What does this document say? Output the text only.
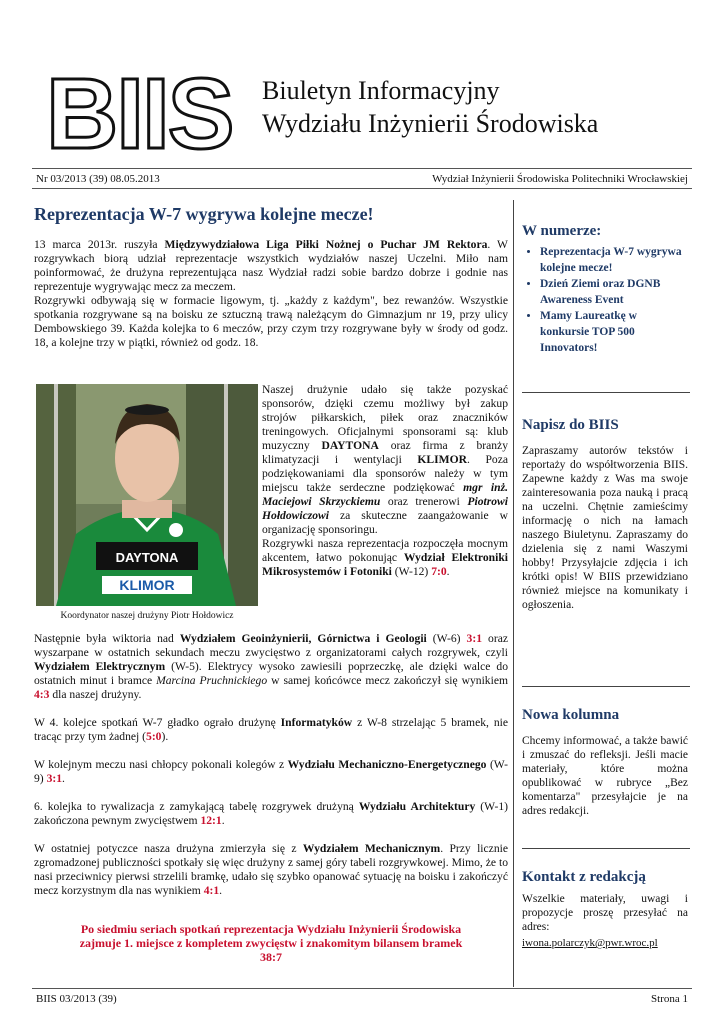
BIIS Biuletyn Informacyjny
Wydziału Inżynierii Środowiska
Nr 03/2013 (39) 08.05.2013	Wydział Inżynierii Środowiska Politechniki Wrocławskiej
Reprezentacja W-7 wygrywa kolejne mecze!

13 marca 2013r. ruszyła Międzywydziałowa Liga Piłki Nożnej o Puchar JM Rektora. W rozgrywkach biorą udział reprezentacje wszystkich wydziałów naszej Uczelni. Miło nam poinformować, że drużyna reprezentująca nasz Wydział radzi sobie bardzo dobrze i godnie nas reprezentuje wygrywając mecz za meczem.

Rozgrywki odbywają się w formacie ligowym, tj. „każdy z każdym", bez rewanżów. Wszystkie spotkania rozgrywane są na boisku ze sztuczną trawą należącym do Gimnazjum nr 19, przy ulicy Dembowskiego 39. Każda kolejka to 6 meczów, przy czym trzy rozgrywane były w środy od godz. 18, a kolejne trzy w piątki, również od godz. 18.

DAYTONA
KLIMOR
Koordynator naszej drużyny Piotr Hołdowicz

Naszej drużynie udało się także pozyskać sponsorów, dzięki czemu możliwy był zakup strojów piłkarskich, piłek oraz znaczników treningowych. Oficjalnymi sponsorami są: klub muzyczny DAYTONA oraz firma z branży klimatyzacji i wentylacji KLIMOR. Poza podziękowaniami dla sponsorów należy w tym miejscu także serdeczne podziękować mgr inż. Maciejowi Skrzyckiemu oraz trenerowi Piotrowi Hołdowiczowi za skuteczne zaangażowanie w organizację sponsoringu.

Rozgrywki nasza reprezentacja rozpoczęła mocnym akcentem, łatwo pokonując Wydział Elektroniki Mikrosystemów i Fotoniki (W-12) 7:0.

Następnie była wiktoria nad Wydziałem Geoinżynierii, Górnictwa i Geologii (W-6) 3:1 oraz wyszarpane w ostatnich sekundach meczu zwycięstwo z organizatorami całych rozgrywek, czyli Wydziałem Elektrycznym (W-5). Elektrycy wysoko zawiesili poprzeczkę, ale dzięki walce do ostatnich minut i bramce Marcina Pruchnickiego w samej końcówce mecz zakończył się wynikiem 4:3 dla naszej drużyny.

W 4. kolejce spotkań W-7 gładko ograło drużynę Informatyków z W-8 strzelając 5 bramek, nie tracąc przy tym żadnej (5:0).

W kolejnym meczu nasi chłopcy pokonali kolegów z Wydziału Mechaniczno-Energetycznego (W-9) 3:1.

6. kolejka to rywalizacja z zamykającą tabelę rozgrywek drużyną Wydziału Architektury (W-1) zakończona pewnym zwycięstwem 12:1.

W ostatniej potyczce nasza drużyna zmierzyła się z Wydziałem Mechanicznym. Przy licznie zgromadzonej publiczności spotkały się więc drużyny z samej góry tabeli rozgrywkowej. Mimo, że to nasi przeciwnicy pierwsi strzelili bramkę, udało się szybko opanować sytuację na boisku i zakończyć mecz korzystnym dla nas wynikiem 4:1.

Po siedmiu seriach spotkań reprezentacja Wydziału Inżynierii Środowiska
zajmuje 1. miejsce z kompletem zwycięstw i znakomitym bilansem bramek
38:7
W numerze:
• Reprezentacja W-7 wygrywa kolejne mecze!
• Dzień Ziemi oraz DGNB Awareness Event
• Mamy Laureatkę w konkursie TOP 500 Innovators!
Napisz do BIIS

Zapraszamy autorów tekstów i reportaży do współtworzenia BIIS. Zapewne każdy z Was ma swoje zainteresowania poza nauką i pracą na uczelni. Chętnie zamieścimy informację o nich na łamach naszego Biuletynu. Zapraszamy do dzielenia się z nami Waszymi hobby! Przysyłajcie zdjęcia i ich krótki opis! W BIIS przewidziano również miejsce na komunikaty i ogłoszenia.

Nowa kolumna

Chcemy informować, a także bawić i zmuszać do refleksji. Jeśli macie materiały, które można opublikować w rubryce „Bez komentarza" przesyłajcie je na adres redakcji.

Kontakt z redakcją

Wszelkie materiały, uwagi i propozycje proszę przesyłać na adres:

iwona.polarczyk@pwr.wroc.pl
BIIS 03/2013 (39)	Strona 1
